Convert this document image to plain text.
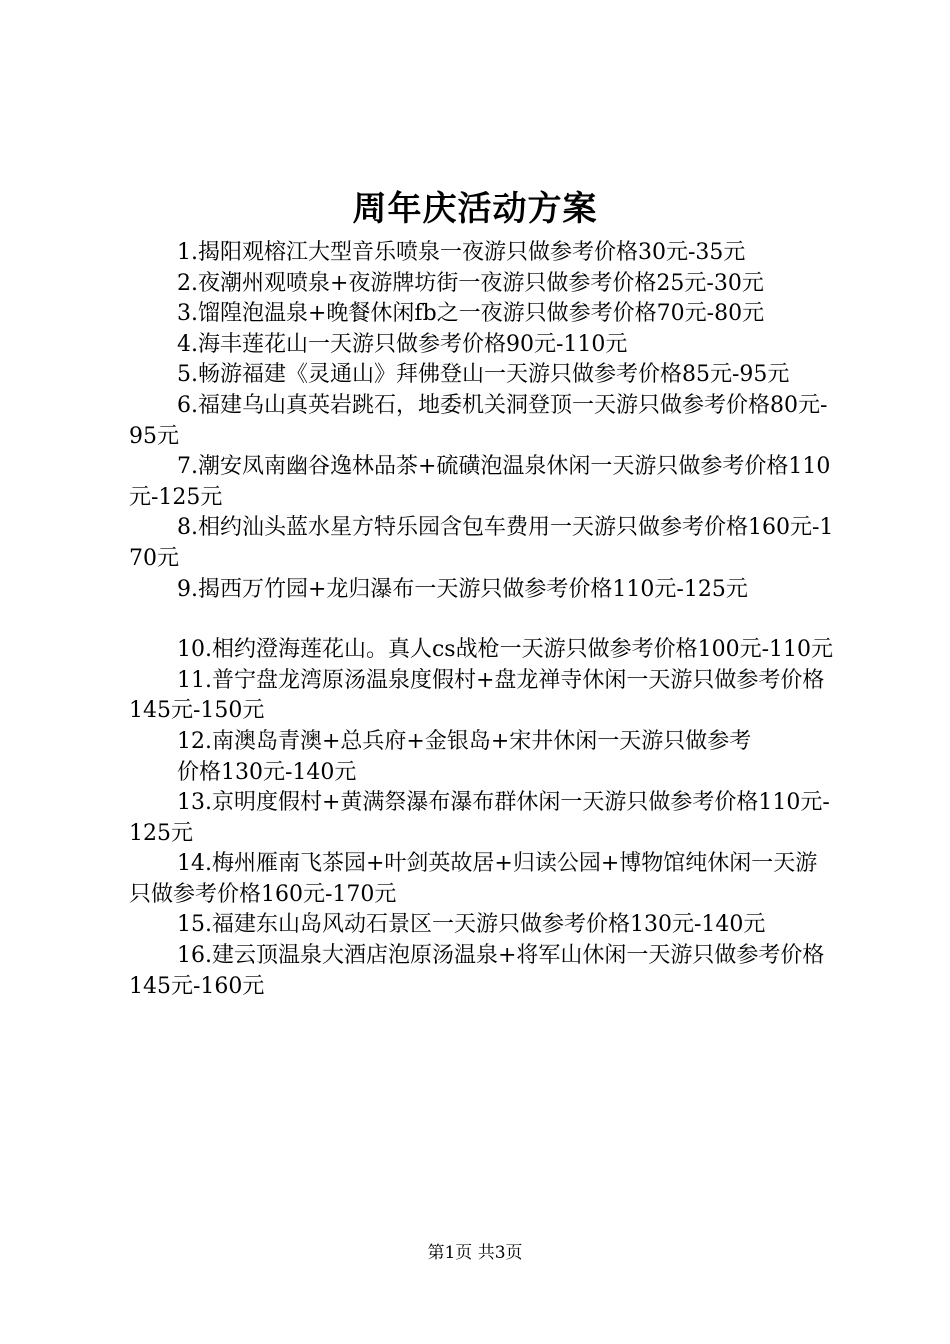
周年庆活动方案

1.揭阳观榕江大型音乐喷泉一夜游只做参考价格30元-35元

2.夜潮州观喷泉+夜游牌坊街一夜游只做参考价格25元-30元

3.馏隍泡温泉+晚餐休闲fb之一夜游只做参考价格70元-80元

4.海丰莲花山一天游只做参考价格90元-110元

5.畅游福建《灵通山》拜佛登山一天游只做参考价格85元-95元

6.福建乌山真英岩跳石，地委机关洞登顶一天游只做参考价格80元-95元

7.潮安凤南幽谷逸林品茶+硫磺泡温泉休闲一天游只做参考价格110元-125元

8.相约汕头蓝水星方特乐园含包车费用一天游只做参考价格160元-170元

9.揭西万竹园+龙归瀑布一天游只做参考价格110元-125元

10.相约澄海莲花山。真人cs战枪一天游只做参考价格100元-110元

11.普宁盘龙湾原汤温泉度假村+盘龙禅寺休闲一天游只做参考价格145元-150元

12.南澳岛青澳+总兵府+金银岛+宋井休闲一天游只做参考
价格130元-140元

13.京明度假村+黄满祭瀑布瀑布群休闲一天游只做参考价格110元-125元

14.梅州雁南飞茶园+叶剑英故居+归读公园+博物馆纯休闲一天游只做参考价格160元-170元

15.福建东山岛风动石景区一天游只做参考价格130元-140元

16.建云顶温泉大酒店泡原汤温泉+将军山休闲一天游只做参考价格145元-160元

第1页 共3页
